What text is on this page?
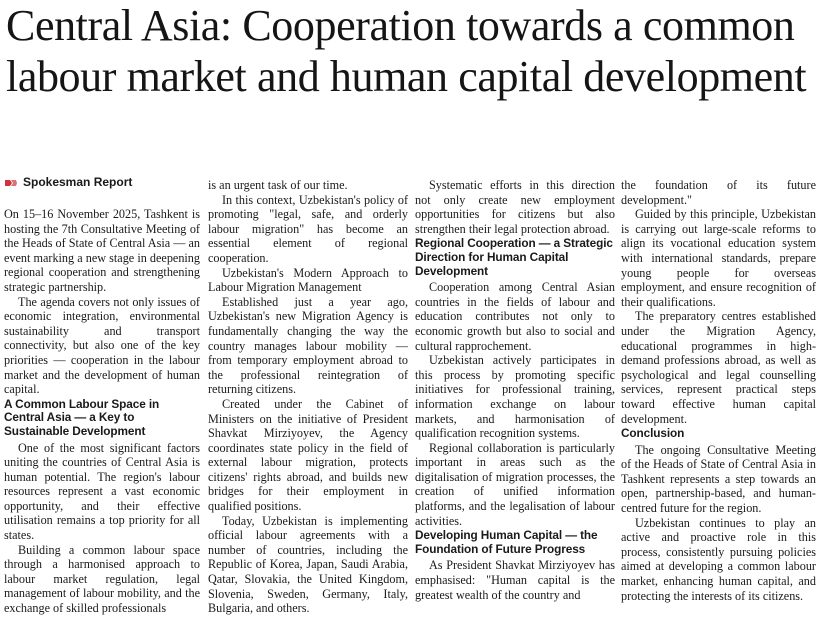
Central Asia: Cooperation towards a common labour market and human capital development
Spokesman Report

On 15–16 November 2025, Tashkent is hosting the 7th Consultative Meeting of the Heads of State of Central Asia — an event marking a new stage in deepening regional cooperation and strengthening strategic partnership.

The agenda covers not only issues of economic integration, environmental sustainability and transport connectivity, but also one of the key priorities — cooperation in the labour market and the development of human capital.

A Common Labour Space in Central Asia — a Key to Sustainable Development

One of the most significant factors uniting the countries of Central Asia is human potential. The region's labour resources represent a vast economic opportunity, and their effective utilisation remains a top priority for all states.

Building a common labour space through a harmonised approach to labour market regulation, legal management of labour mobility, and the exchange of skilled professionals

is an urgent task of our time.

In this context, Uzbekistan's policy of promoting "legal, safe, and orderly labour migration" has become an essential element of regional cooperation.

Uzbekistan's Modern Approach to Labour Migration Management

Established just a year ago, Uzbekistan's new Migration Agency is fundamentally changing the way the country manages labour mobility — from temporary employment abroad to the professional reintegration of returning citizens.

Created under the Cabinet of Ministers on the initiative of President Shavkat Mirziyoyev, the Agency coordinates state policy in the field of external labour migration, protects citizens' rights abroad, and builds new bridges for their employment in qualified positions.

Today, Uzbekistan is implementing official labour agreements with a number of countries, including the Republic of Korea, Japan, Saudi Arabia, Qatar, Slovakia, the United Kingdom, Slovenia, Sweden, Germany, Italy, Bulgaria, and others.

Systematic efforts in this direction not only create new employment opportunities for citizens but also strengthen their legal protection abroad.

Regional Cooperation — a Strategic Direction for Human Capital Development

Cooperation among Central Asian countries in the fields of labour and education contributes not only to economic growth but also to social and cultural rapprochement.

Uzbekistan actively participates in this process by promoting specific initiatives for professional training, information exchange on labour markets, and harmonisation of qualification recognition systems.

Regional collaboration is particularly important in areas such as the digitalisation of migration processes, the creation of unified information platforms, and the legalisation of labour activities.

Developing Human Capital — the Foundation of Future Progress

As President Shavkat Mirziyoyev has emphasised: "Human capital is the greatest wealth of the country and

the foundation of its future development."

Guided by this principle, Uzbekistan is carrying out large-scale reforms to align its vocational education system with international standards, prepare young people for overseas employment, and ensure recognition of their qualifications.

The preparatory centres established under the Migration Agency, educational programmes in high-demand professions abroad, as well as psychological and legal counselling services, represent practical steps toward effective human capital development.

Conclusion

The ongoing Consultative Meeting of the Heads of State of Central Asia in Tashkent represents a step towards an open, partnership-based, and human-centred future for the region.

Uzbekistan continues to play an active and proactive role in this process, consistently pursuing policies aimed at developing a common labour market, enhancing human capital, and protecting the interests of its citizens.
